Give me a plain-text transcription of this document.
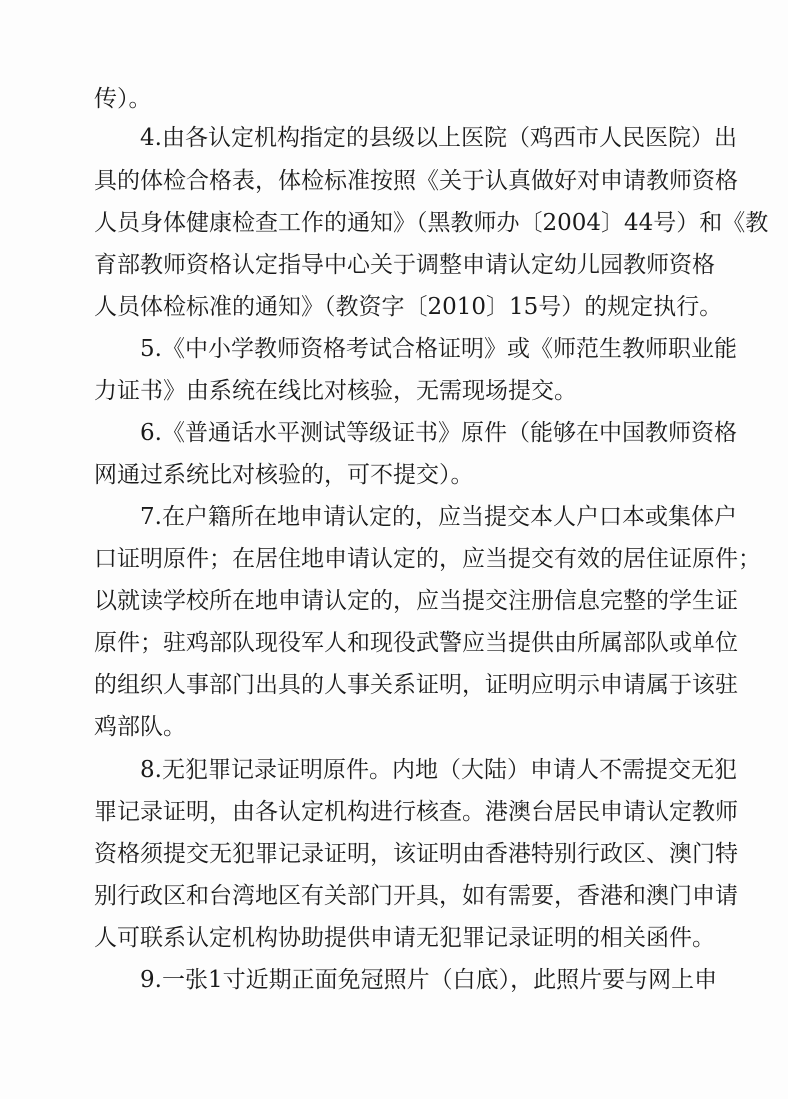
传）。
4.由各认定机构指定的县级以上医院（鸡西市人民医院）出
具的体检合格表，体检标准按照《关于认真做好对申请教师资格
人员身体健康检查工作的通知》（黑教师办〔2004〕44号）和《教
育部教师资格认定指导中心关于调整申请认定幼儿园教师资格
人员体检标准的通知》（教资字〔2010〕15号）的规定执行。
5.《中小学教师资格考试合格证明》或《师范生教师职业能
力证书》由系统在线比对核验，无需现场提交。
6.《普通话水平测试等级证书》原件（能够在中国教师资格
网通过系统比对核验的，可不提交）。
7.在户籍所在地申请认定的，应当提交本人户口本或集体户
口证明原件；在居住地申请认定的，应当提交有效的居住证原件；
以就读学校所在地申请认定的，应当提交注册信息完整的学生证
原件；驻鸡部队现役军人和现役武警应当提供由所属部队或单位
的组织人事部门出具的人事关系证明，证明应明示申请属于该驻
鸡部队。
8.无犯罪记录证明原件。内地（大陆）申请人不需提交无犯
罪记录证明，由各认定机构进行核查。港澳台居民申请认定教师
资格须提交无犯罪记录证明，该证明由香港特别行政区、澳门特
别行政区和台湾地区有关部门开具，如有需要，香港和澳门申请
人可联系认定机构协助提供申请无犯罪记录证明的相关函件。
9.一张1寸近期正面免冠照片（白底），此照片要与网上申
